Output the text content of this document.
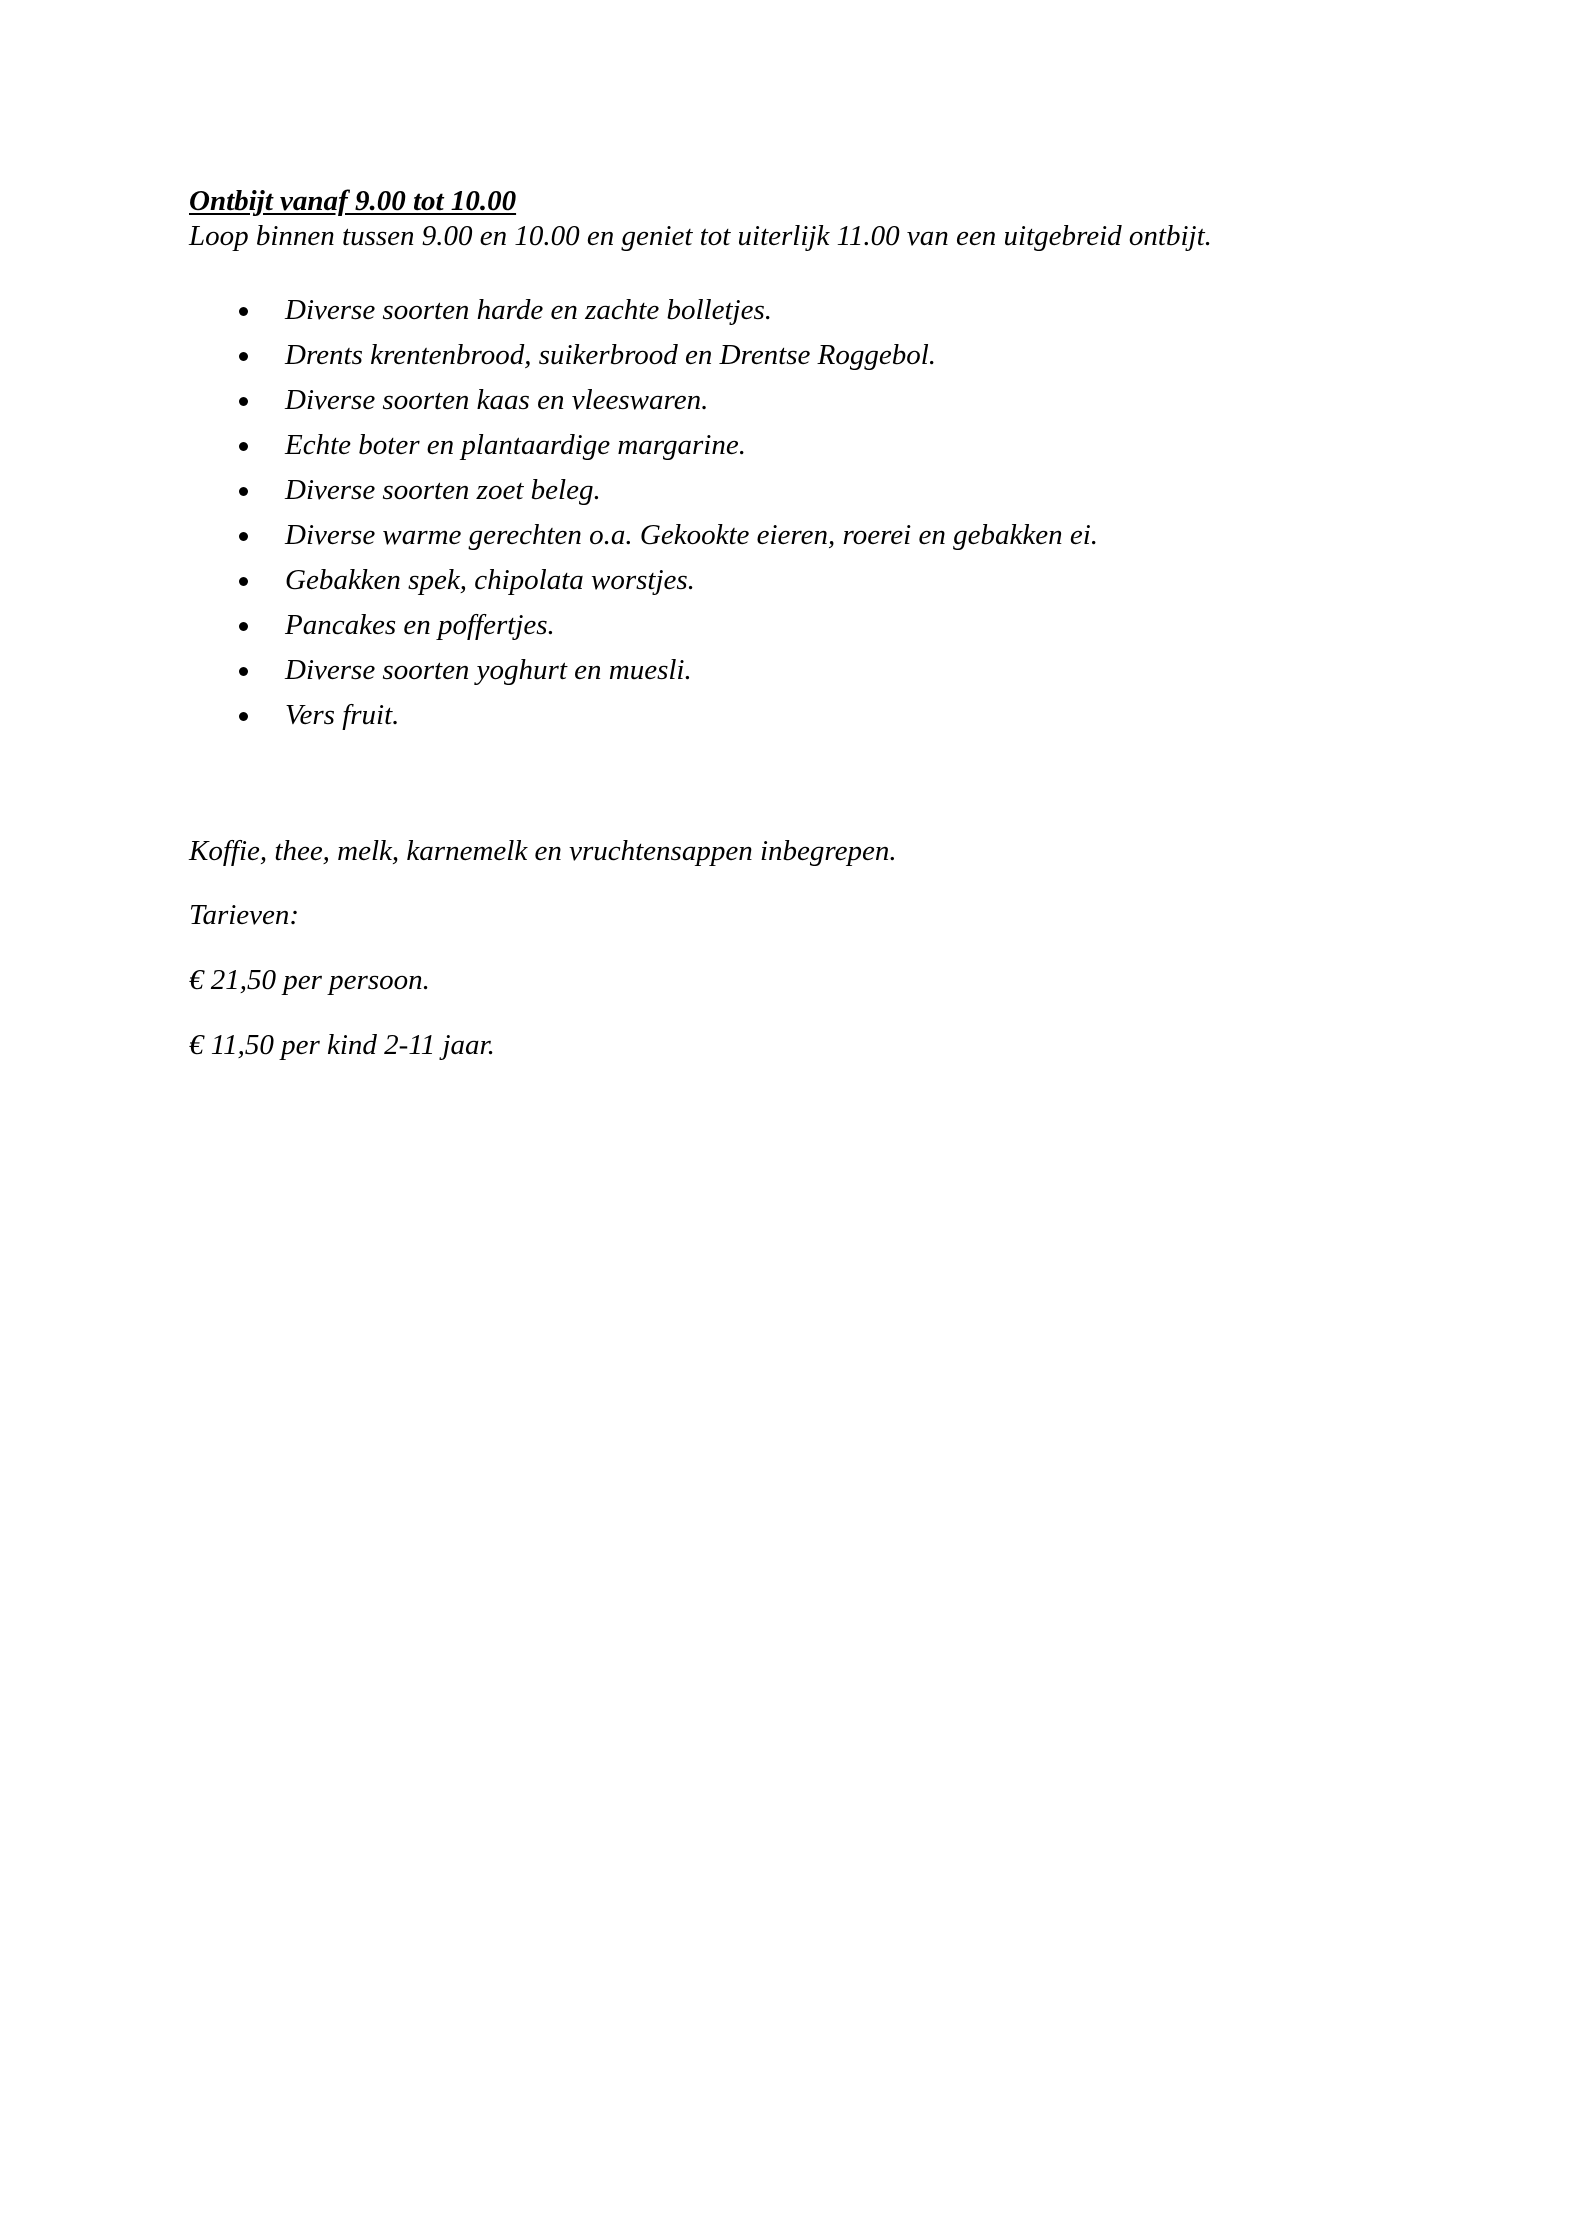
Ontbijt vanaf 9.00 tot 10.00

Loop binnen tussen 9.00 en 10.00 en geniet tot uiterlijk 11.00 van een uitgebreid ontbijt.

Diverse soorten harde en zachte bolletjes.
Drents krentenbrood, suikerbrood en Drentse Roggebol.
Diverse soorten kaas en vleeswaren.
Echte boter en plantaardige margarine.
Diverse soorten zoet beleg.
Diverse warme gerechten o.a. Gekookte eieren, roerei en gebakken ei.
Gebakken spek, chipolata worstjes.
Pancakes en poffertjes.
Diverse soorten yoghurt en muesli.
Vers fruit.

Koffie, thee, melk, karnemelk en vruchtensappen inbegrepen.

Tarieven:

€ 21,50 per persoon.

€ 11,50 per kind 2-11 jaar.
